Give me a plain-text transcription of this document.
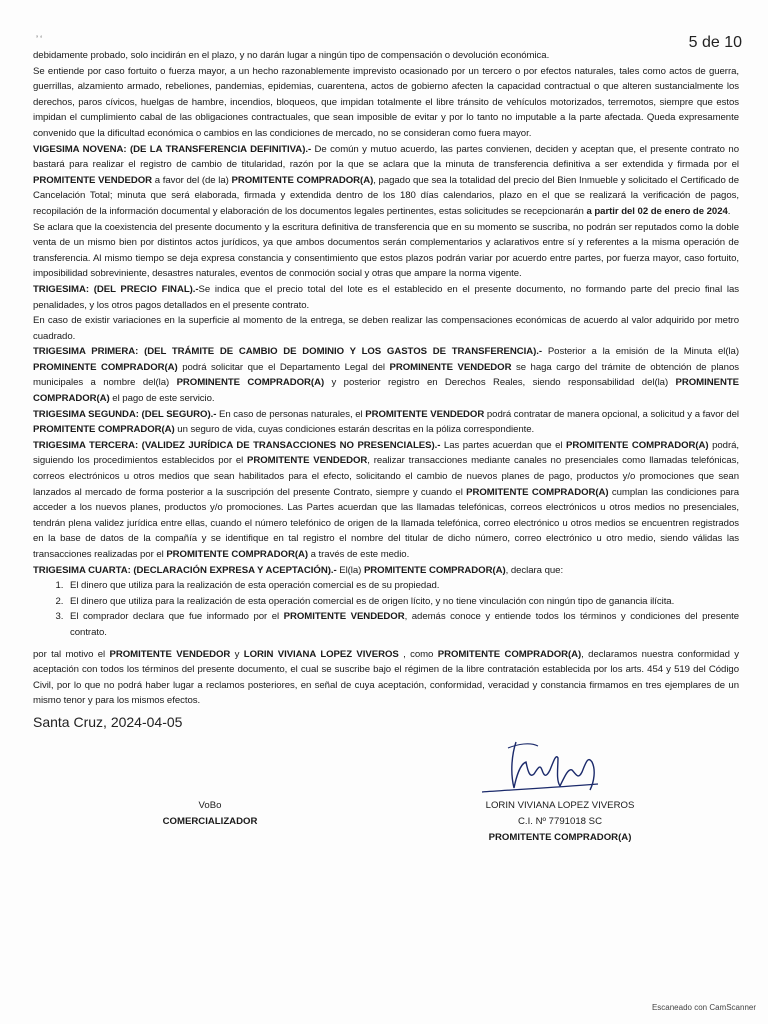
’ ‘	5 de 10

debidamente probado, solo incidirán en el plazo, y no darán lugar a ningún tipo de compensación o devolución económica.

Se entiende por caso fortuito o fuerza mayor, a un hecho razonablemente imprevisto ocasionado por un tercero o por efectos naturales, tales como actos de guerra, guerrillas, alzamiento armado, rebeliones, pandemias, epidemias, cuarentena, actos de gobierno afecten la capacidad contractual o que alteren sustancialmente los derechos, paros cívicos, huelgas de hambre, incendios, bloqueos, que impidan totalmente el libre tránsito de vehículos motorizados, terremotos, siempre que estos impidan el cumplimiento cabal de las obligaciones contractuales, que sean imposible de evitar y por lo tanto no imputable a la parte afectada. Queda expresamente convenido que la dificultad económica o cambios en las condiciones de mercado, no se consideran como fuera mayor.

VIGESIMA NOVENA: (DE LA TRANSFERENCIA DEFINITIVA).- De común y mutuo acuerdo, las partes convienen, deciden y aceptan que, el presente contrato no bastará para realizar el registro de cambio de titularidad, razón por la que se aclara que la minuta de transferencia definitiva a ser extendida y firmada por el PROMITENTE VENDEDOR a favor del (de la) PROMITENTE COMPRADOR(A), pagado que sea la totalidad del precio del Bien Inmueble y solicitado el Certificado de Cancelación Total; minuta que será elaborada, firmada y extendida dentro de los 180 días calendarios, plazo en el que se realizará la verificación de pagos, recopilación de la información documental y elaboración de los documentos legales pertinentes, estas solicitudes se recepcionarán a partir del 02 de enero de 2024.

Se aclara que la coexistencia del presente documento y la escritura definitiva de transferencia que en su momento se suscriba, no podrán ser reputados como la doble venta de un mismo bien por distintos actos jurídicos, ya que ambos documentos serán complementarios y aclarativos entre sí y referentes a la misma operación de transferencia. Al mismo tiempo se deja expresa constancia y consentimiento que estos plazos podrán variar por acuerdo entre partes, por fuerza mayor, caso fortuito, imposibilidad sobreviniente, desastres naturales, eventos de conmoción social y otras que ampare la norma vigente.

TRIGESIMA: (DEL PRECIO FINAL).-Se indica que el precio total del lote es el establecido en el presente documento, no formando parte del precio final las penalidades, y los otros pagos detallados en el presente contrato.

En caso de existir variaciones en la superficie al momento de la entrega, se deben realizar las compensaciones económicas de acuerdo al valor adquirido por metro cuadrado.

TRIGESIMA PRIMERA: (DEL TRÁMITE DE CAMBIO DE DOMINIO Y LOS GASTOS DE TRANSFERENCIA).- Posterior a la emisión de la Minuta el(la) PROMINENTE COMPRADOR(A) podrá solicitar que el Departamento Legal del PROMINENTE VENDEDOR se haga cargo del trámite de obtención de planos municipales a nombre del(la) PROMINENTE COMPRADOR(A) y posterior registro en Derechos Reales, siendo responsabilidad del(la) PROMINENTE COMPRADOR(A) el pago de este servicio.

TRIGESIMA SEGUNDA: (DEL SEGURO).- En caso de personas naturales, el PROMITENTE VENDEDOR podrá contratar de manera opcional, a solicitud y a favor del PROMITENTE COMPRADOR(A) un seguro de vida, cuyas condiciones estarán descritas en la póliza correspondiente.

TRIGESIMA TERCERA: (VALIDEZ JURÍDICA DE TRANSACCIONES NO PRESENCIALES).- Las partes acuerdan que el PROMITENTE COMPRADOR(A) podrá, siguiendo los procedimientos establecidos por el PROMITENTE VENDEDOR, realizar transacciones mediante canales no presenciales como llamadas telefónicas, correos electrónicos u otros medios que sean habilitados para el efecto, solicitando el cambio de nuevos planes de pago, productos y/o promociones que sean lanzados al mercado de forma posterior a la suscripción del presente Contrato, siempre y cuando el PROMITENTE COMPRADOR(A) cumplan las condiciones para acceder a los nuevos planes, productos y/o promociones. Las Partes acuerdan que las llamadas telefónicas, correos electrónicos u otros medios no presenciales, tendrán plena validez jurídica entre ellas, cuando el número telefónico de origen de la llamada telefónica, correo electrónico u otros medios se encuentren registrados en la base de datos de la compañía y se identifique en tal registro el nombre del titular de dicho número, correo electrónico u otro medio, siendo válidas las transacciones realizadas por el PROMITENTE COMPRADOR(A) a través de este medio.

TRIGESIMA CUARTA: (DECLARACIÓN EXPRESA Y ACEPTACIÓN).- El(la) PROMITENTE COMPRADOR(A), declara que:

1. El dinero que utiliza para la realización de esta operación comercial es de su propiedad.
2. El dinero que utiliza para la realización de esta operación comercial es de origen lícito, y no tiene vinculación con ningún tipo de ganancia ilícita.
3. El comprador declara que fue informado por el PROMITENTE VENDEDOR, además conoce y entiende todos los términos y condiciones del presente contrato.

por tal motivo el PROMITENTE VENDEDOR y LORIN VIVIANA LOPEZ VIVEROS , como PROMITENTE COMPRADOR(A), declaramos nuestra conformidad y aceptación con todos los términos del presente documento, el cual se suscribe bajo el régimen de la libre contratación establecida por los arts. 454 y 519 del Código Civil, por lo que no podrá haber lugar a reclamos posteriores, en señal de cuya aceptación, conformidad, veracidad y constancia firmamos en tres ejemplares de un mismo tenor y para los mismos efectos.

Santa Cruz, 2024-04-05
VoBo
COMERCIALIZADOR
LORIN VIVIANA LOPEZ VIVEROS
C.I. Nº 7791018 SC
PROMITENTE COMPRADOR(A)
Escaneado con CamScanner
